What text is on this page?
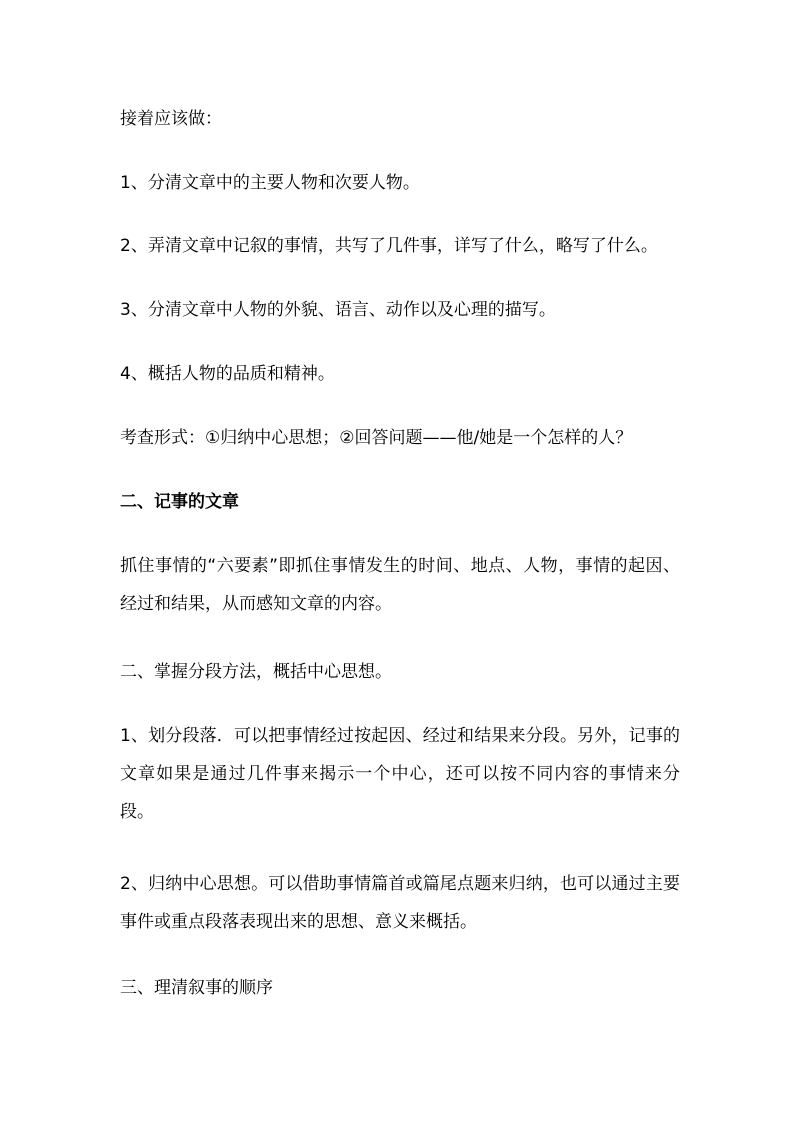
接着应该做：
1、分清文章中的主要人物和次要人物。
2、弄清文章中记叙的事情，共写了几件事，详写了什么，略写了什么。
3、分清文章中人物的外貌、语言、动作以及心理的描写。
4、概括人物的品质和精神。
考查形式：①归纳中心思想；②回答问题——他/她是一个怎样的人？
二、记事的文章
抓住事情的“六要素”即抓住事情发生的时间、地点、人物，事情的起因、经过和结果，从而感知文章的内容。
二、掌握分段方法，概括中心思想。
1、划分段落．可以把事情经过按起因、经过和结果来分段。另外，记事的文章如果是通过几件事来揭示一个中心，还可以按不同内容的事情来分段。
2、归纳中心思想。可以借助事情篇首或篇尾点题来归纳，也可以通过主要事件或重点段落表现出来的思想、意义来概括。
三、理清叙事的顺序
